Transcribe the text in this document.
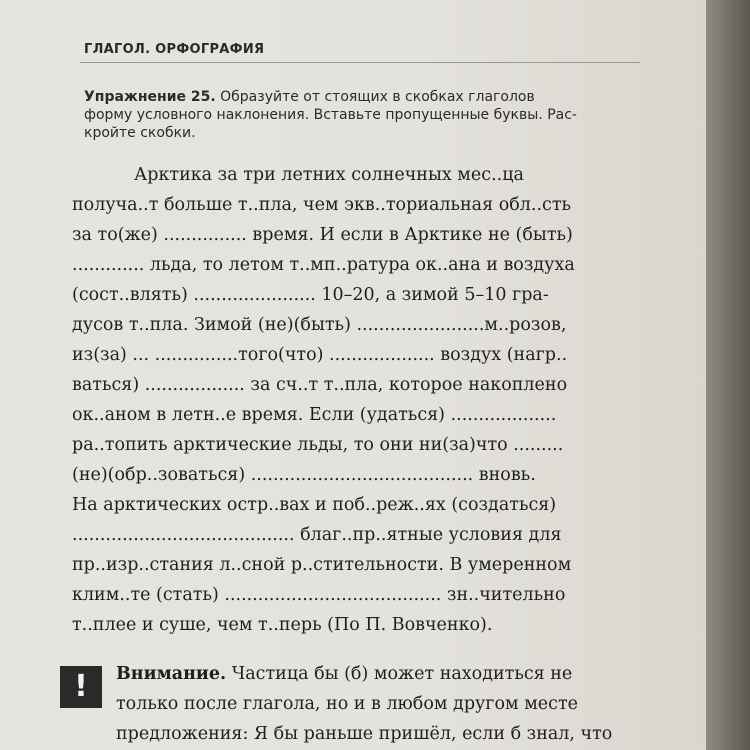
ГЛАГОЛ. ОРФОГРАФИЯ
Упражнение 25. Образуйте от стоящих в скобках глаголов
форму условного наклонения. Вставьте пропущенные буквы. Рас-
кройте скобки.
Арктика за три летних солнечных мес..ца
получа..т больше т..пла, чем экв..ториальная обл..сть
за то(же) ............... время. И если в Арктике не (быть)
............. льда, то летом т..мп..ратура ок..ана и воздуха
(сост..влять) ...................... 10–20, а зимой 5–10 гра-
дусов т..пла. Зимой (не)(быть) .......................м..розов,
из(за) ... ...............того(что) ................... воздух (нагр..
ваться) .................. за сч..т т..пла, которое накоплено
ок..аном в летн..е время. Если (удаться) ...................
ра..топить арктические льды, то они ни(за)что .........
(не)(обр..зоваться) ........................................ вновь.
На арктических остр..вах и поб..реж..ях (создаться)
........................................ благ..пр..ятные условия для
пр..изр..стания л..сной р..стительности. В умеренном
клим..те (стать) ....................................... зн..чительно
т..плее и суше, чем т..перь (По П. Вовченко).
!	Внимание. Частица бы (б) может находиться не
только после глагола, но и в любом другом месте
предложения: Я бы раньше пришёл, если б знал, что
